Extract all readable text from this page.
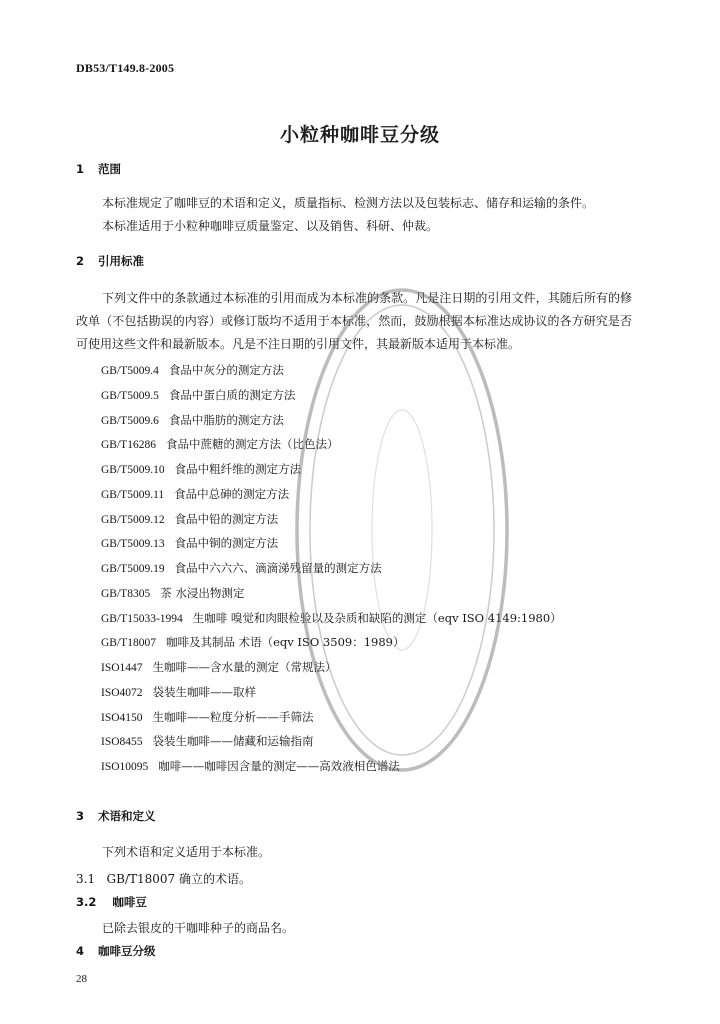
DB53/T149.8-2005
小粒种咖啡豆分级
1 范围
本标准规定了咖啡豆的术语和定义，质量指标、检测方法以及包装标志、储存和运输的条件。
本标准适用于小粒种咖啡豆质量鉴定、以及销售、科研、仲裁。
2 引用标准
下列文件中的条款通过本标准的引用而成为本标准的条款。凡是注日期的引用文件，其随后所有的修改单（不包括勘误的内容）或修订版均不适用于本标准，然而，鼓励根据本标准达成协议的各方研究是否可使用这些文件和最新版本。凡是不注日期的引用文件，其最新版本适用于本标准。
GB/T5009.4 食品中灰分的测定方法
GB/T5009.5 食品中蛋白质的测定方法
GB/T5009.6 食品中脂肪的测定方法
GB/T16286 食品中蔗糖的测定方法（比色法）
GB/T5009.10 食品中粗纤维的测定方法
GB/T5009.11 食品中总砷的测定方法
GB/T5009.12 食品中铅的测定方法
GB/T5009.13 食品中铜的测定方法
GB/T5009.19 食品中六六六、滴滴涕残留量的测定方法
GB/T8305 茶 水浸出物测定
GB/T15033-1994 生咖啡 嗅觉和肉眼检验以及杂质和缺陷的测定（eqv ISO 4149:1980）
GB/T18007 咖啡及其制品 术语（eqv ISO 3509：1989）
ISO1447 生咖啡——含水量的测定（常规法）
ISO4072 袋装生咖啡——取样
ISO4150 生咖啡——粒度分析——手筛法
ISO8455 袋装生咖啡——储藏和运输指南
ISO10095 咖啡——咖啡因含量的测定——高效液相色谱法
3 术语和定义
下列术语和定义适用于本标准。
3.1 GB/T18007 确立的术语。
3.2 咖啡豆
已除去银皮的干咖啡种子的商品名。
4 咖啡豆分级
28
